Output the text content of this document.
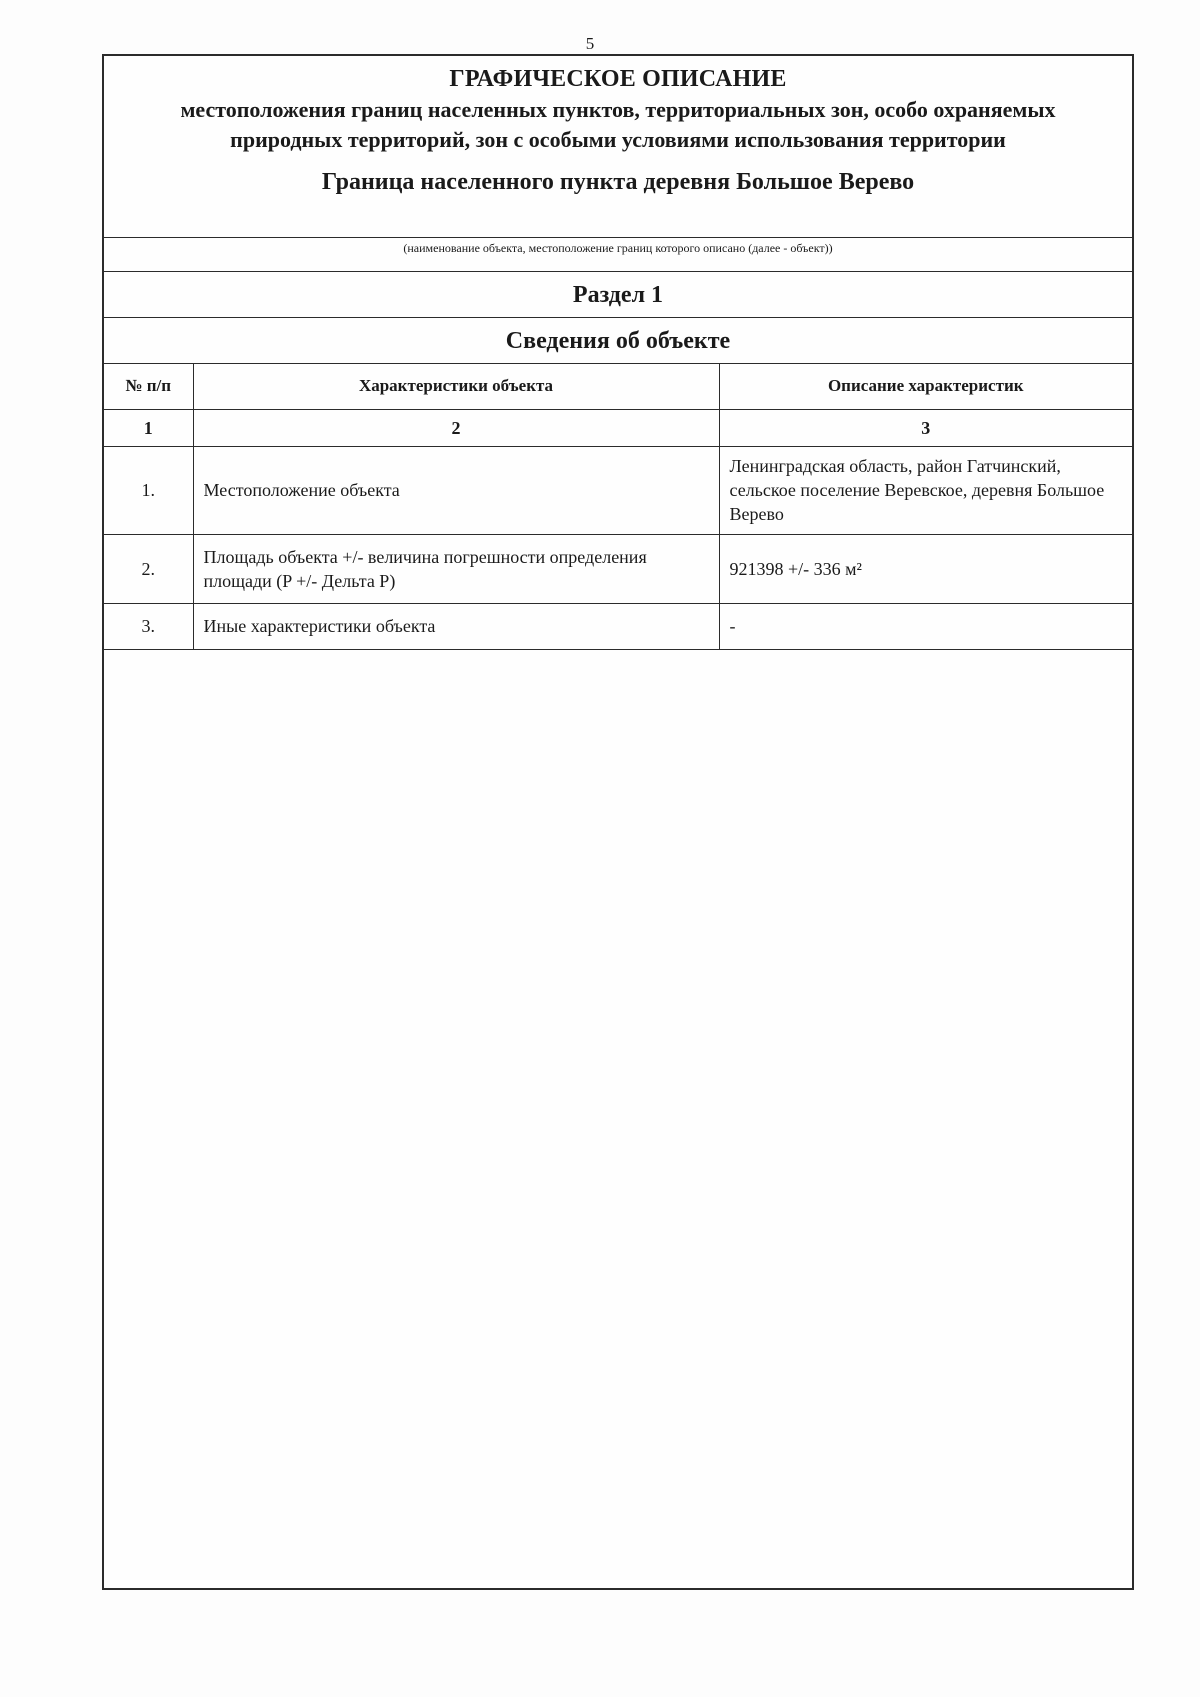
5
ГРАФИЧЕСКОЕ ОПИСАНИЕ
местоположения границ населенных пунктов, территориальных зон, особо охраняемых природных территорий, зон с особыми условиями использования территории
Граница населенного пункта деревня Большое Верево
(наименование объекта, местоположение границ которого описано (далее - объект))
Раздел 1
Сведения об объекте
№ п/п	Характеристики объекта	Описание характеристик
1	2	3
1.	Местоположение объекта	Ленинградская область, район Гатчинский, сельское поселение Веревское, деревня Большое Верево
2.	Площадь объекта +/- величина погрешности определения площади (P +/- Дельта P)	921398 +/- 336 м²
3.	Иные характеристики объекта	-
